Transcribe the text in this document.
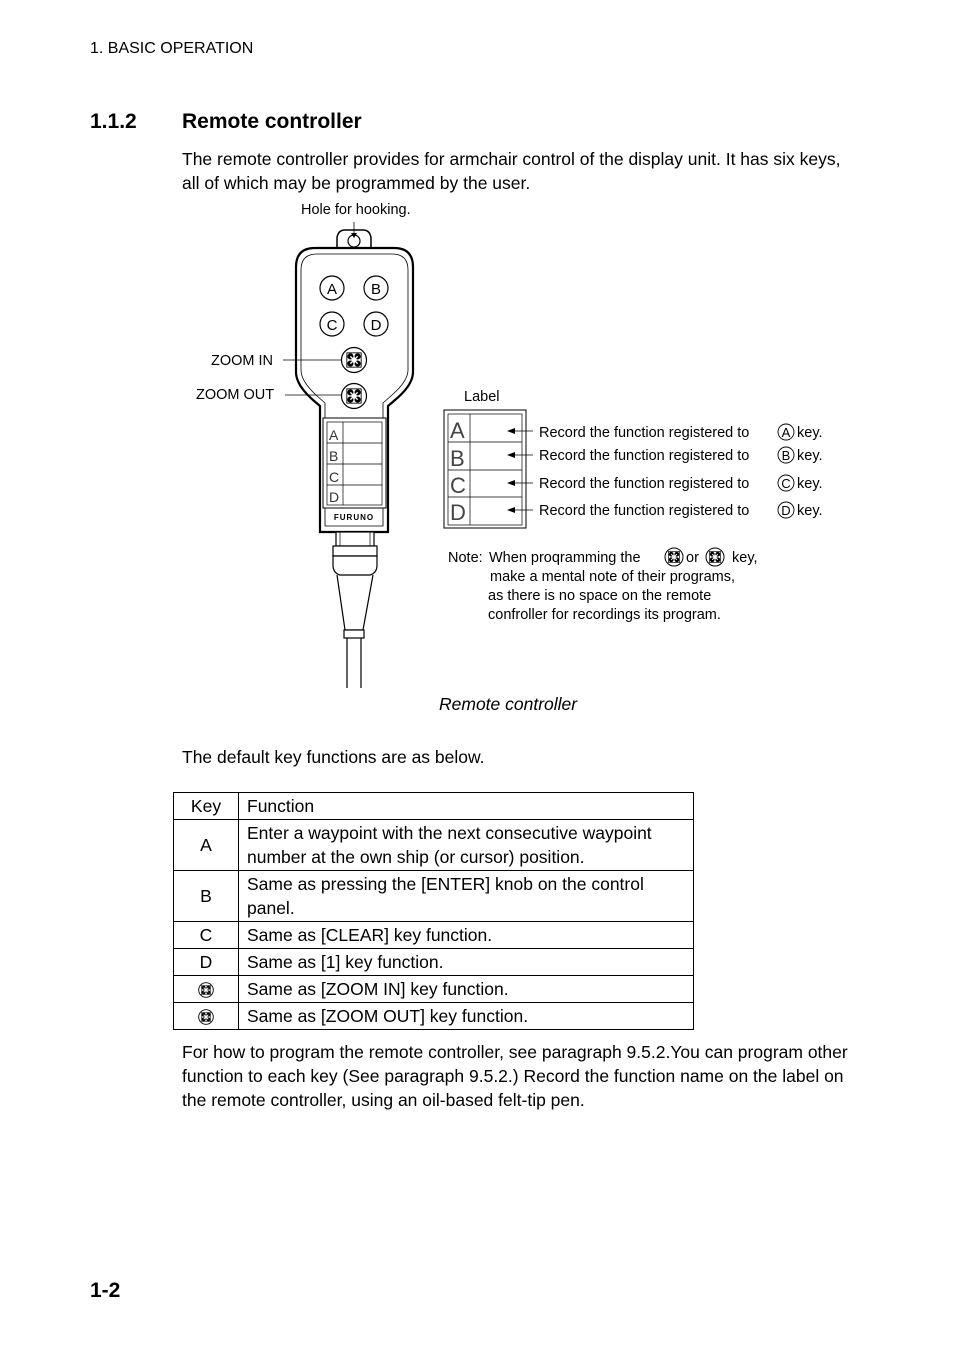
1. BASIC OPERATION
1.1.2 Remote controller
The remote controller provides for armchair control of the display unit. It has six keys, all of which may be programmed by the user.
Hole for hooking.
A B
C D
ZOOM IN
ZOOM OUT
A
B
C
D
FURUNO
Label
A
B
C
D
Record the function registered to A key.
Record the function registered to B key.
Record the function registered to C key.
Record the function registered to D key.
Note: When proqramming the	or key,
make a mental note of their programs,
as there is no space on the remote
confroller for recordings its program.
Remote controller
The default key functions are as below.
Key	Function
A	Enter a waypoint with the next consecutive waypoint number at the own ship (or cursor) position.
B	Same as pressing the [ENTER] knob on the control panel.
C	Same as [CLEAR] key function.
D	Same as [1] key function.
	Same as [ZOOM IN] key function.
	Same as [ZOOM OUT] key function.
For how to program the remote controller, see paragraph 9.5.2.You can program other function to each key (See paragraph 9.5.2.) Record the function name on the label on the remote controller, using an oil-based felt-tip pen.
1-2
